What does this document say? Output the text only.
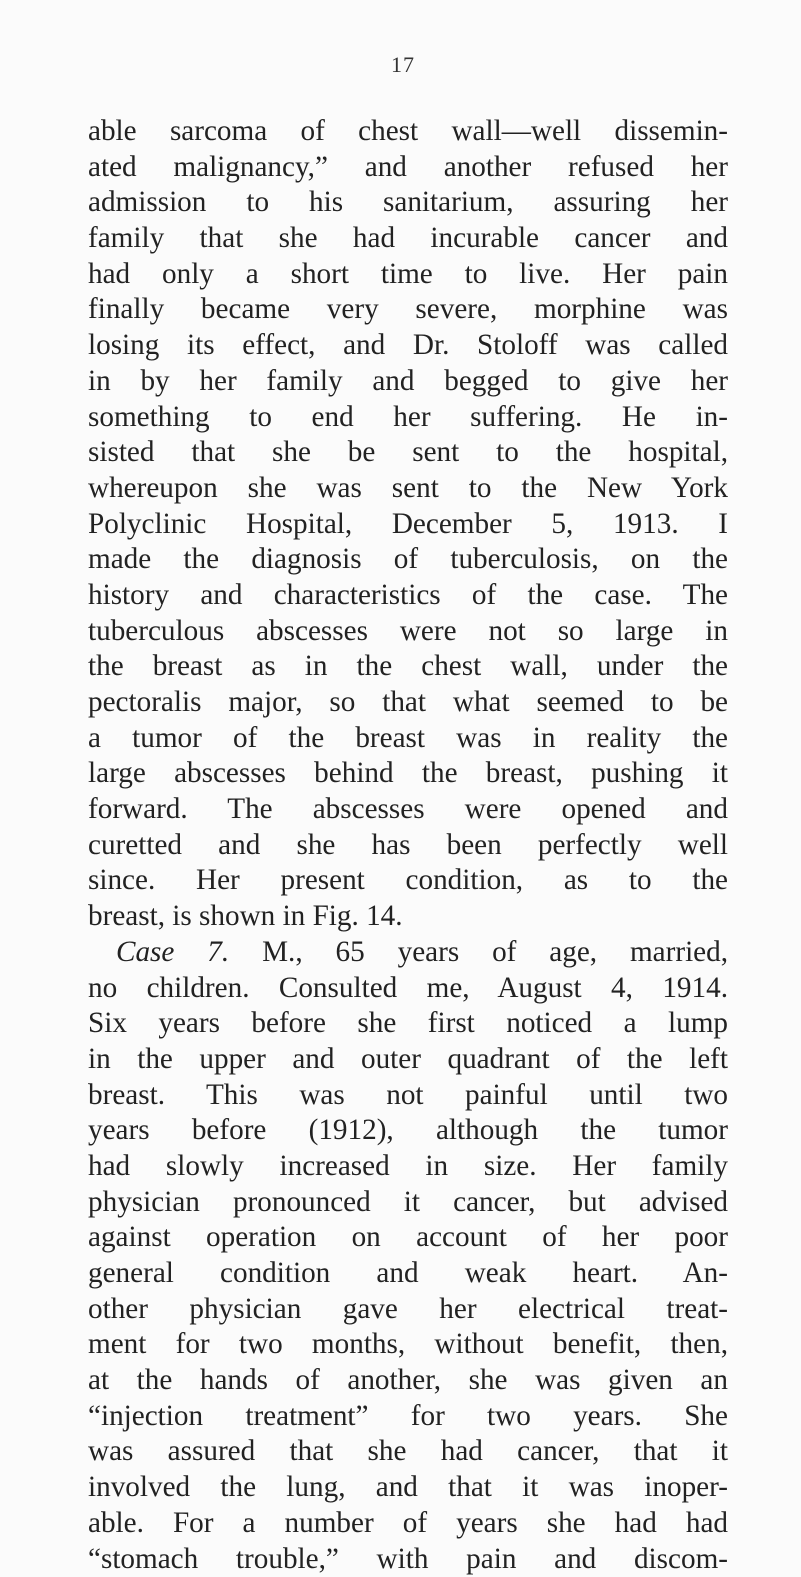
17
able sarcoma of chest wall—well dissemin-
ated malignancy,” and another refused her
admission to his sanitarium, assuring her
family that she had incurable cancer and
had only a short time to live. Her pain
finally became very severe, morphine was
losing its effect, and Dr. Stoloff was called
in by her family and begged to give her
something to end her suffering. He in-
sisted that she be sent to the hospital,
whereupon she was sent to the New York
Polyclinic Hospital, December 5, 1913. I
made the diagnosis of tuberculosis, on the
history and characteristics of the case. The
tuberculous abscesses were not so large in
the breast as in the chest wall, under the
pectoralis major, so that what seemed to be
a tumor of the breast was in reality the
large abscesses behind the breast, pushing it
forward. The abscesses were opened and
curetted and she has been perfectly well
since. Her present condition, as to the
breast, is shown in Fig. 14.
Case 7. M., 65 years of age, married,
no children. Consulted me, August 4, 1914.
Six years before she first noticed a lump
in the upper and outer quadrant of the left
breast. This was not painful until two
years before (1912), although the tumor
had slowly increased in size. Her family
physician pronounced it cancer, but advised
against operation on account of her poor
general condition and weak heart. An-
other physician gave her electrical treat-
ment for two months, without benefit, then,
at the hands of another, she was given an
“injection treatment” for two years. She
was assured that she had cancer, that it
involved the lung, and that it was inoper-
able. For a number of years she had had
“stomach trouble,” with pain and discom-
